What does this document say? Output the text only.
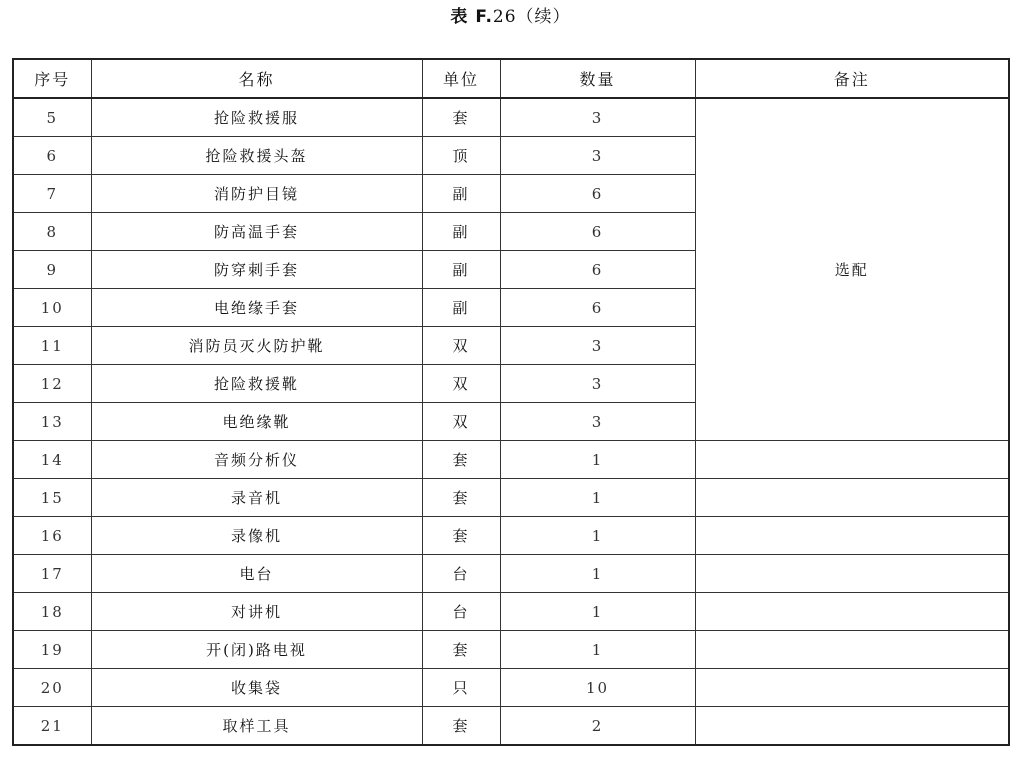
表 F.26（续）
序号	名称	单位	数量	备注
5	抢险救援服	套	3	选配
6	抢险救援头盔	顶	3	
7	消防护目镜	副	6	
8	防高温手套	副	6	
9	防穿刺手套	副	6	
10	电绝缘手套	副	6	
11	消防员灭火防护靴	双	3	
12	抢险救援靴	双	3	
13	电绝缘靴	双	3	
14	音频分析仪	套	1	
15	录音机	套	1	
16	录像机	套	1	
17	电台	台	1	
18	对讲机	台	1	
19	开(闭)路电视	套	1	
20	收集袋	只	10	
21	取样工具	套	2	
